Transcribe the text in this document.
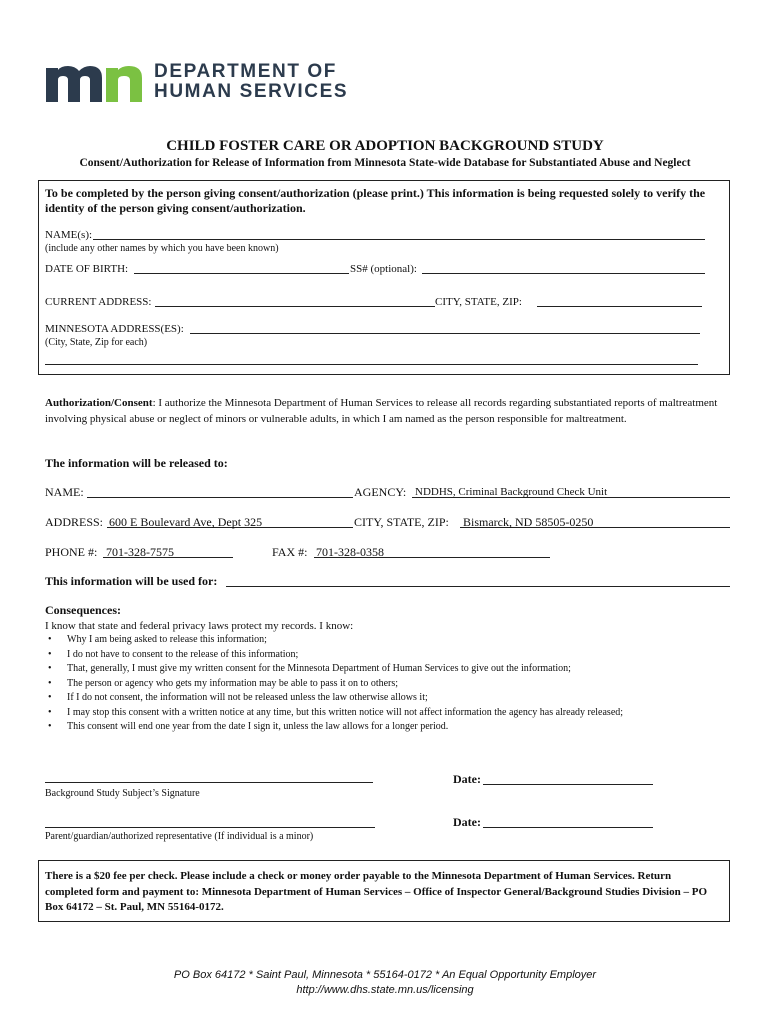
DEPARTMENT OF
HUMAN SERVICES
CHILD FOSTER CARE OR ADOPTION BACKGROUND STUDY
Consent/Authorization for Release of Information from Minnesota State-wide Database for Substantiated Abuse and Neglect
To be completed by the person giving consent/authorization (please print.) This information is being requested solely to verify the identity of the person giving consent/authorization.
NAME(s):
(include any other names by which you have been known)
DATE OF BIRTH:	SS# (optional):
CURRENT ADDRESS:	CITY, STATE, ZIP:
MINNESOTA ADDRESS(ES):
(City, State, Zip for each)
Authorization/Consent: I authorize the Minnesota Department of Human Services to release all records regarding substantiated reports of maltreatment involving physical abuse or neglect of minors or vulnerable adults, in which I am named as the person responsible for maltreatment.
The information will be released to:
NAME:	AGENCY: NDDHS, Criminal Background Check Unit
ADDRESS: 600 E Boulevard Ave, Dept 325	CITY, STATE, ZIP: Bismarck, ND 58505-0250
PHONE #: 701-328-7575	FAX #: 701-328-0358
This information will be used for:
Consequences:
I know that state and federal privacy laws protect my records. I know:
• Why I am being asked to release this information;
• I do not have to consent to the release of this information;
• That, generally, I must give my written consent for the Minnesota Department of Human Services to give out the information;
• The person or agency who gets my information may be able to pass it on to others;
• If I do not consent, the information will not be released unless the law otherwise allows it;
• I may stop this consent with a written notice at any time, but this written notice will not affect information the agency has already released;
• This consent will end one year from the date I sign it, unless the law allows for a longer period.
Background Study Subject’s Signature
Date:
Parent/guardian/authorized representative (If individual is a minor)
Date:
There is a $20 fee per check. Please include a check or money order payable to the Minnesota Department of Human Services. Return completed form and payment to: Minnesota Department of Human Services – Office of Inspector General/Background Studies Division – PO Box 64172 – St. Paul, MN 55164-0172.
PO Box 64172 * Saint Paul, Minnesota * 55164-0172 * An Equal Opportunity Employer
http://www.dhs.state.mn.us/licensing
